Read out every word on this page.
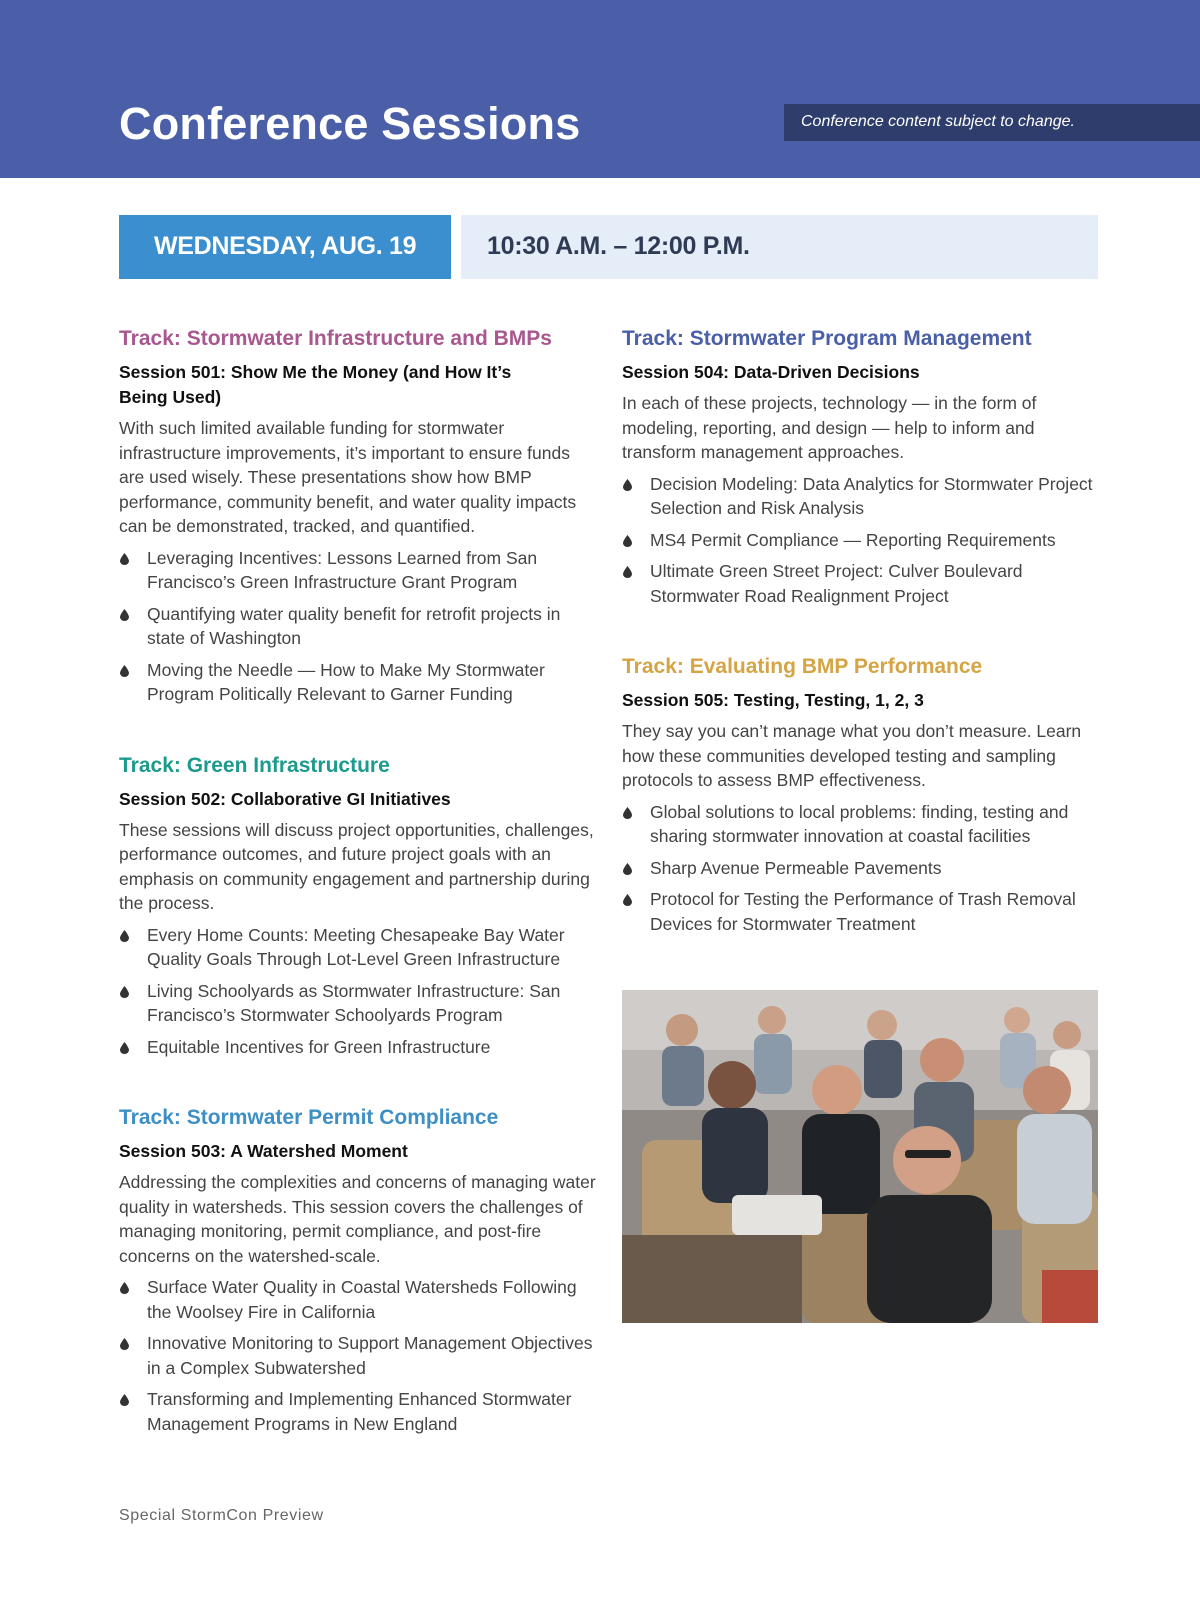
Conference Sessions	Conference content subject to change.
WEDNESDAY, AUG. 19	10:30 A.M. – 12:00 P.M.
Track: Stormwater Infrastructure and BMPs
Session 501: Show Me the Money (and How It’s Being Used)
With such limited available funding for stormwater infrastructure improvements, it’s important to ensure funds are used wisely. These presentations show how BMP performance, community benefit, and water quality impacts can be demonstrated, tracked, and quantified.
Leveraging Incentives: Lessons Learned from San Francisco’s Green Infrastructure Grant Program
Quantifying water quality benefit for retrofit projects in state of Washington
Moving the Needle — How to Make My Stormwater Program Politically Relevant to Garner Funding
Track: Green Infrastructure
Session 502: Collaborative GI Initiatives
These sessions will discuss project opportunities, challenges, performance outcomes, and future project goals with an emphasis on community engagement and partnership during the process.
Every Home Counts: Meeting Chesapeake Bay Water Quality Goals Through Lot-Level Green Infrastructure
Living Schoolyards as Stormwater Infrastructure: San Francisco’s Stormwater Schoolyards Program
Equitable Incentives for Green Infrastructure
Track: Stormwater Permit Compliance
Session 503: A Watershed Moment
Addressing the complexities and concerns of managing water quality in watersheds. This session covers the challenges of managing monitoring, permit compliance, and post-fire concerns on the watershed-scale.
Surface Water Quality in Coastal Watersheds Following the Woolsey Fire in California
Innovative Monitoring to Support Management Objectives in a Complex Subwatershed
Transforming and Implementing Enhanced Stormwater Management Programs in New England
Track: Stormwater Program Management
Session 504: Data-Driven Decisions
In each of these projects, technology — in the form of modeling, reporting, and design — help to inform and transform management approaches.
Decision Modeling: Data Analytics for Stormwater Project Selection and Risk Analysis
MS4 Permit Compliance — Reporting Requirements
Ultimate Green Street Project: Culver Boulevard Stormwater Road Realignment Project
Track: Evaluating BMP Performance
Session 505: Testing, Testing, 1, 2, 3
They say you can’t manage what you don’t measure. Learn how these communities developed testing and sampling protocols to assess BMP effectiveness.
Global solutions to local problems: finding, testing and sharing stormwater innovation at coastal facilities
Sharp Avenue Permeable Pavements
Protocol for Testing the Performance of Trash Removal Devices for Stormwater Treatment
Special StormCon Preview
